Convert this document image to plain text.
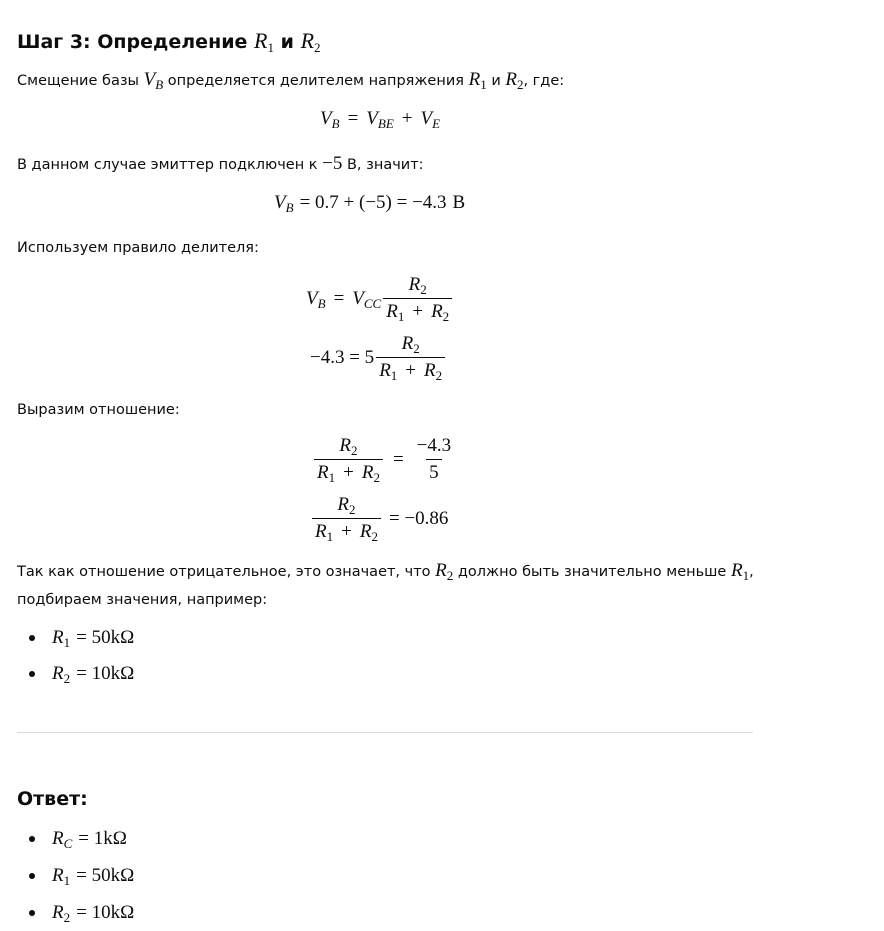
Шаг 3: Определение R1 и R2
Смещение базы $V_B$ определяется делителем напряжения $R_1$ и $R_2$, где:
$V_B = V_{BE} + V_E$
В данном случае эмиттер подключен к −5 В, значит:
$V_B = 0.7 + (-5) = -4.3$ В
Используем правило делителя:
$V_B = V_{CC} \frac{R_2}{R_1 + R_2}$
$-4.3 = 5 \frac{R_2}{R_1 + R_2}$
Выразим отношение:
$\frac{R_2}{R_1 + R_2} = \frac{-4.3}{5}$
$\frac{R_2}{R_1 + R_2} = -0.86$
Так как отношение отрицательное, это означает, что $R_2$ должно быть значительно меньше $R_1$,
подбираем значения, например:
$R_1 = 50k\Omega$
$R_2 = 10k\Omega$
Ответ:
$R_C = 1k\Omega$
$R_1 = 50k\Omega$
$R_2 = 10k\Omega$
